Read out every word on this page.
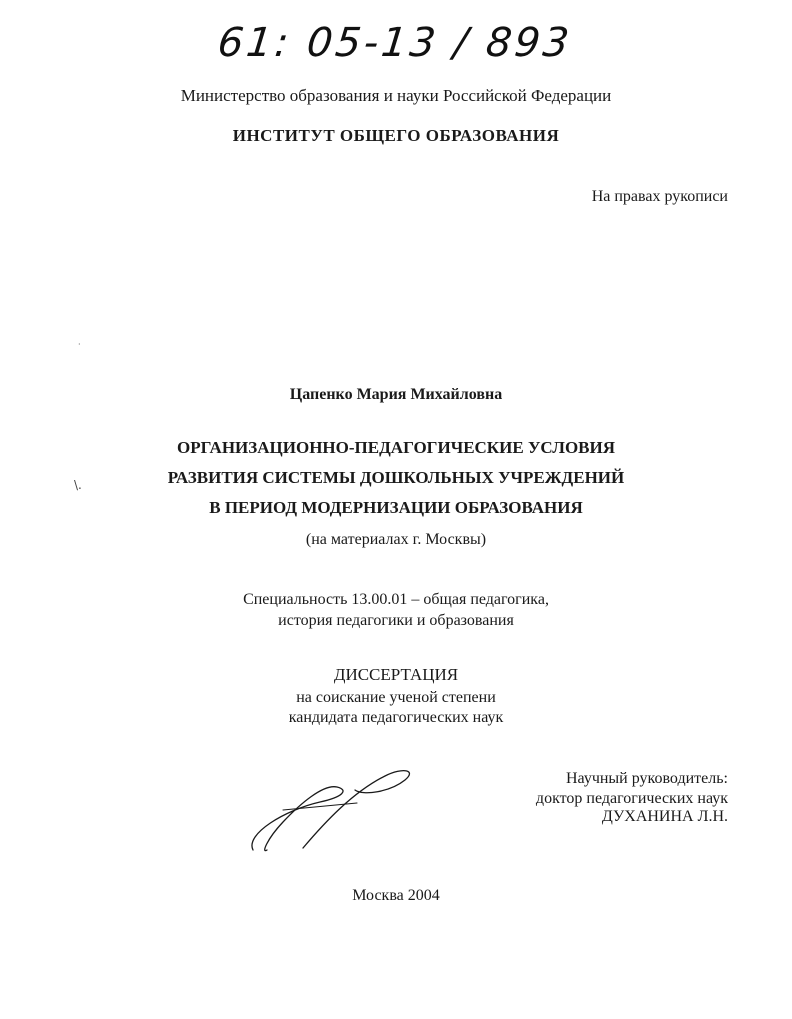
61: 05-13 / 893
Министерство образования и науки Российской Федерации
ИНСТИТУТ ОБЩЕГО ОБРАЗОВАНИЯ
На правах рукописи
·
\.
Цапенко Мария Михайловна
ОРГАНИЗАЦИОННО-ПЕДАГОГИЧЕСКИЕ УСЛОВИЯ
РАЗВИТИЯ СИСТЕМЫ ДОШКОЛЬНЫХ УЧРЕЖДЕНИЙ
В ПЕРИОД МОДЕРНИЗАЦИИ ОБРАЗОВАНИЯ
(на материалах г. Москвы)
Специальность 13.00.01 – общая педагогика,
история педагогики и образования
ДИССЕРТАЦИЯ
на соискание ученой степени
кандидата педагогических наук
Научный руководитель:
доктор педагогических наук
ДУХАНИНА Л.Н.
Москва 2004
